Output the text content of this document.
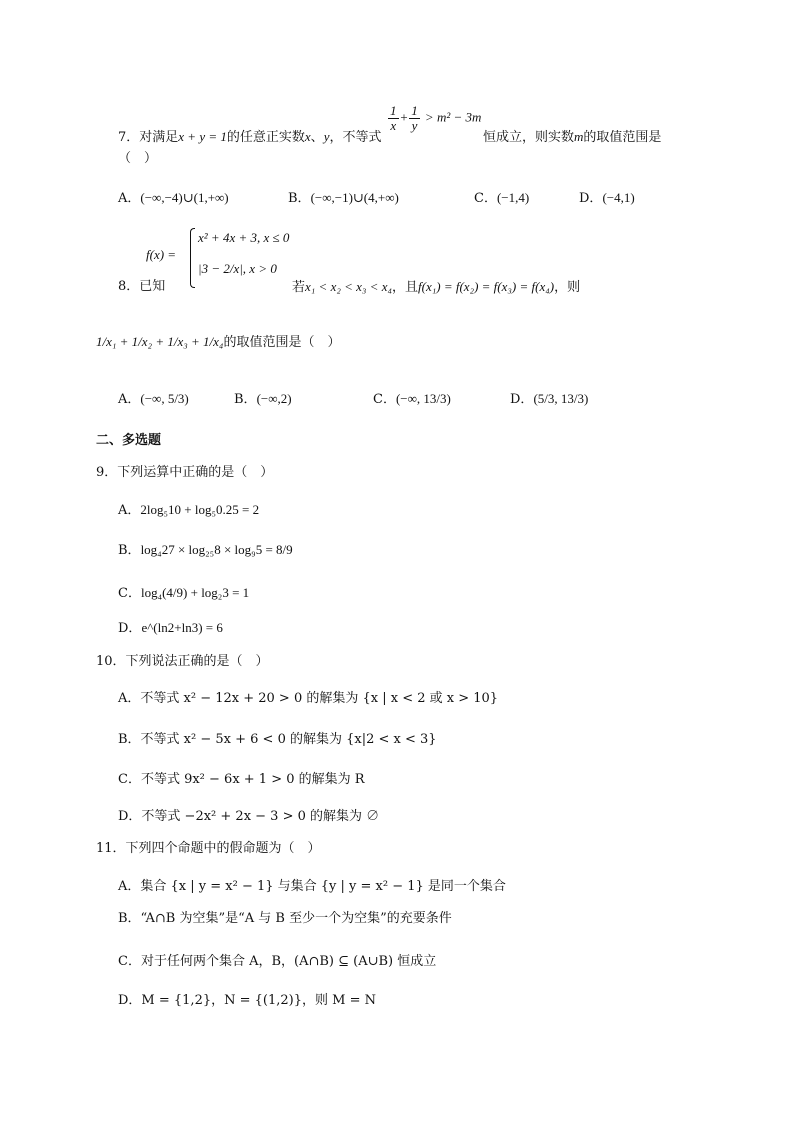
$\frac{1}{x} + \frac{1}{y} > m^2 - 3m$
7．对满足x + y = 1的任意正实数x、y，不等式	恒成立，则实数m的取值范围是
（　）
A．(−∞,−4)∪(1,+∞)	B．(−∞,−1)∪(4,+∞)	C．(−1,4)	D．(−4,1)
f(x) =
x² + 4x + 3, x ≤ 0
|3 − 2/x|, x > 0
8．已知	若x₁ < x₂ < x₃ < x₄，且f(x₁) = f(x₂) = f(x₃) = f(x₄)，则
1/x₁ + 1/x₂ + 1/x₃ + 1/x₄的取值范围是（　）
A．(−∞, 5/3)	B．(−∞,2)	C．(−∞, 13/3)	D．(5/3, 13/3)
二、多选题
9．下列运算中正确的是（　）
A．2log₅10 + log₅0.25 = 2
B．log₄27 × log₂₅8 × log₉5 = 8/9
C．log₄(4/9) + log₂3 = 1
D．e^(ln2+ln3) = 6
10．下列说法正确的是（　）
A．不等式 x² − 12x + 20 > 0 的解集为 {x | x < 2 或 x > 10}
B．不等式 x² − 5x + 6 < 0 的解集为 {x|2 < x < 3}
C．不等式 9x² − 6x + 1 > 0 的解集为 R
D．不等式 −2x² + 2x − 3 > 0 的解集为 ∅
11．下列四个命题中的假命题为（　）
A．集合 {x | y = x² − 1} 与集合 {y | y = x² − 1} 是同一个集合
B．“A∩B 为空集”是“A 与 B 至少一个为空集”的充要条件
C．对于任何两个集合 A，B，(A∩B) ⊆ (A∪B) 恒成立
D．M = {1,2}，N = {(1,2)}，则 M = N
